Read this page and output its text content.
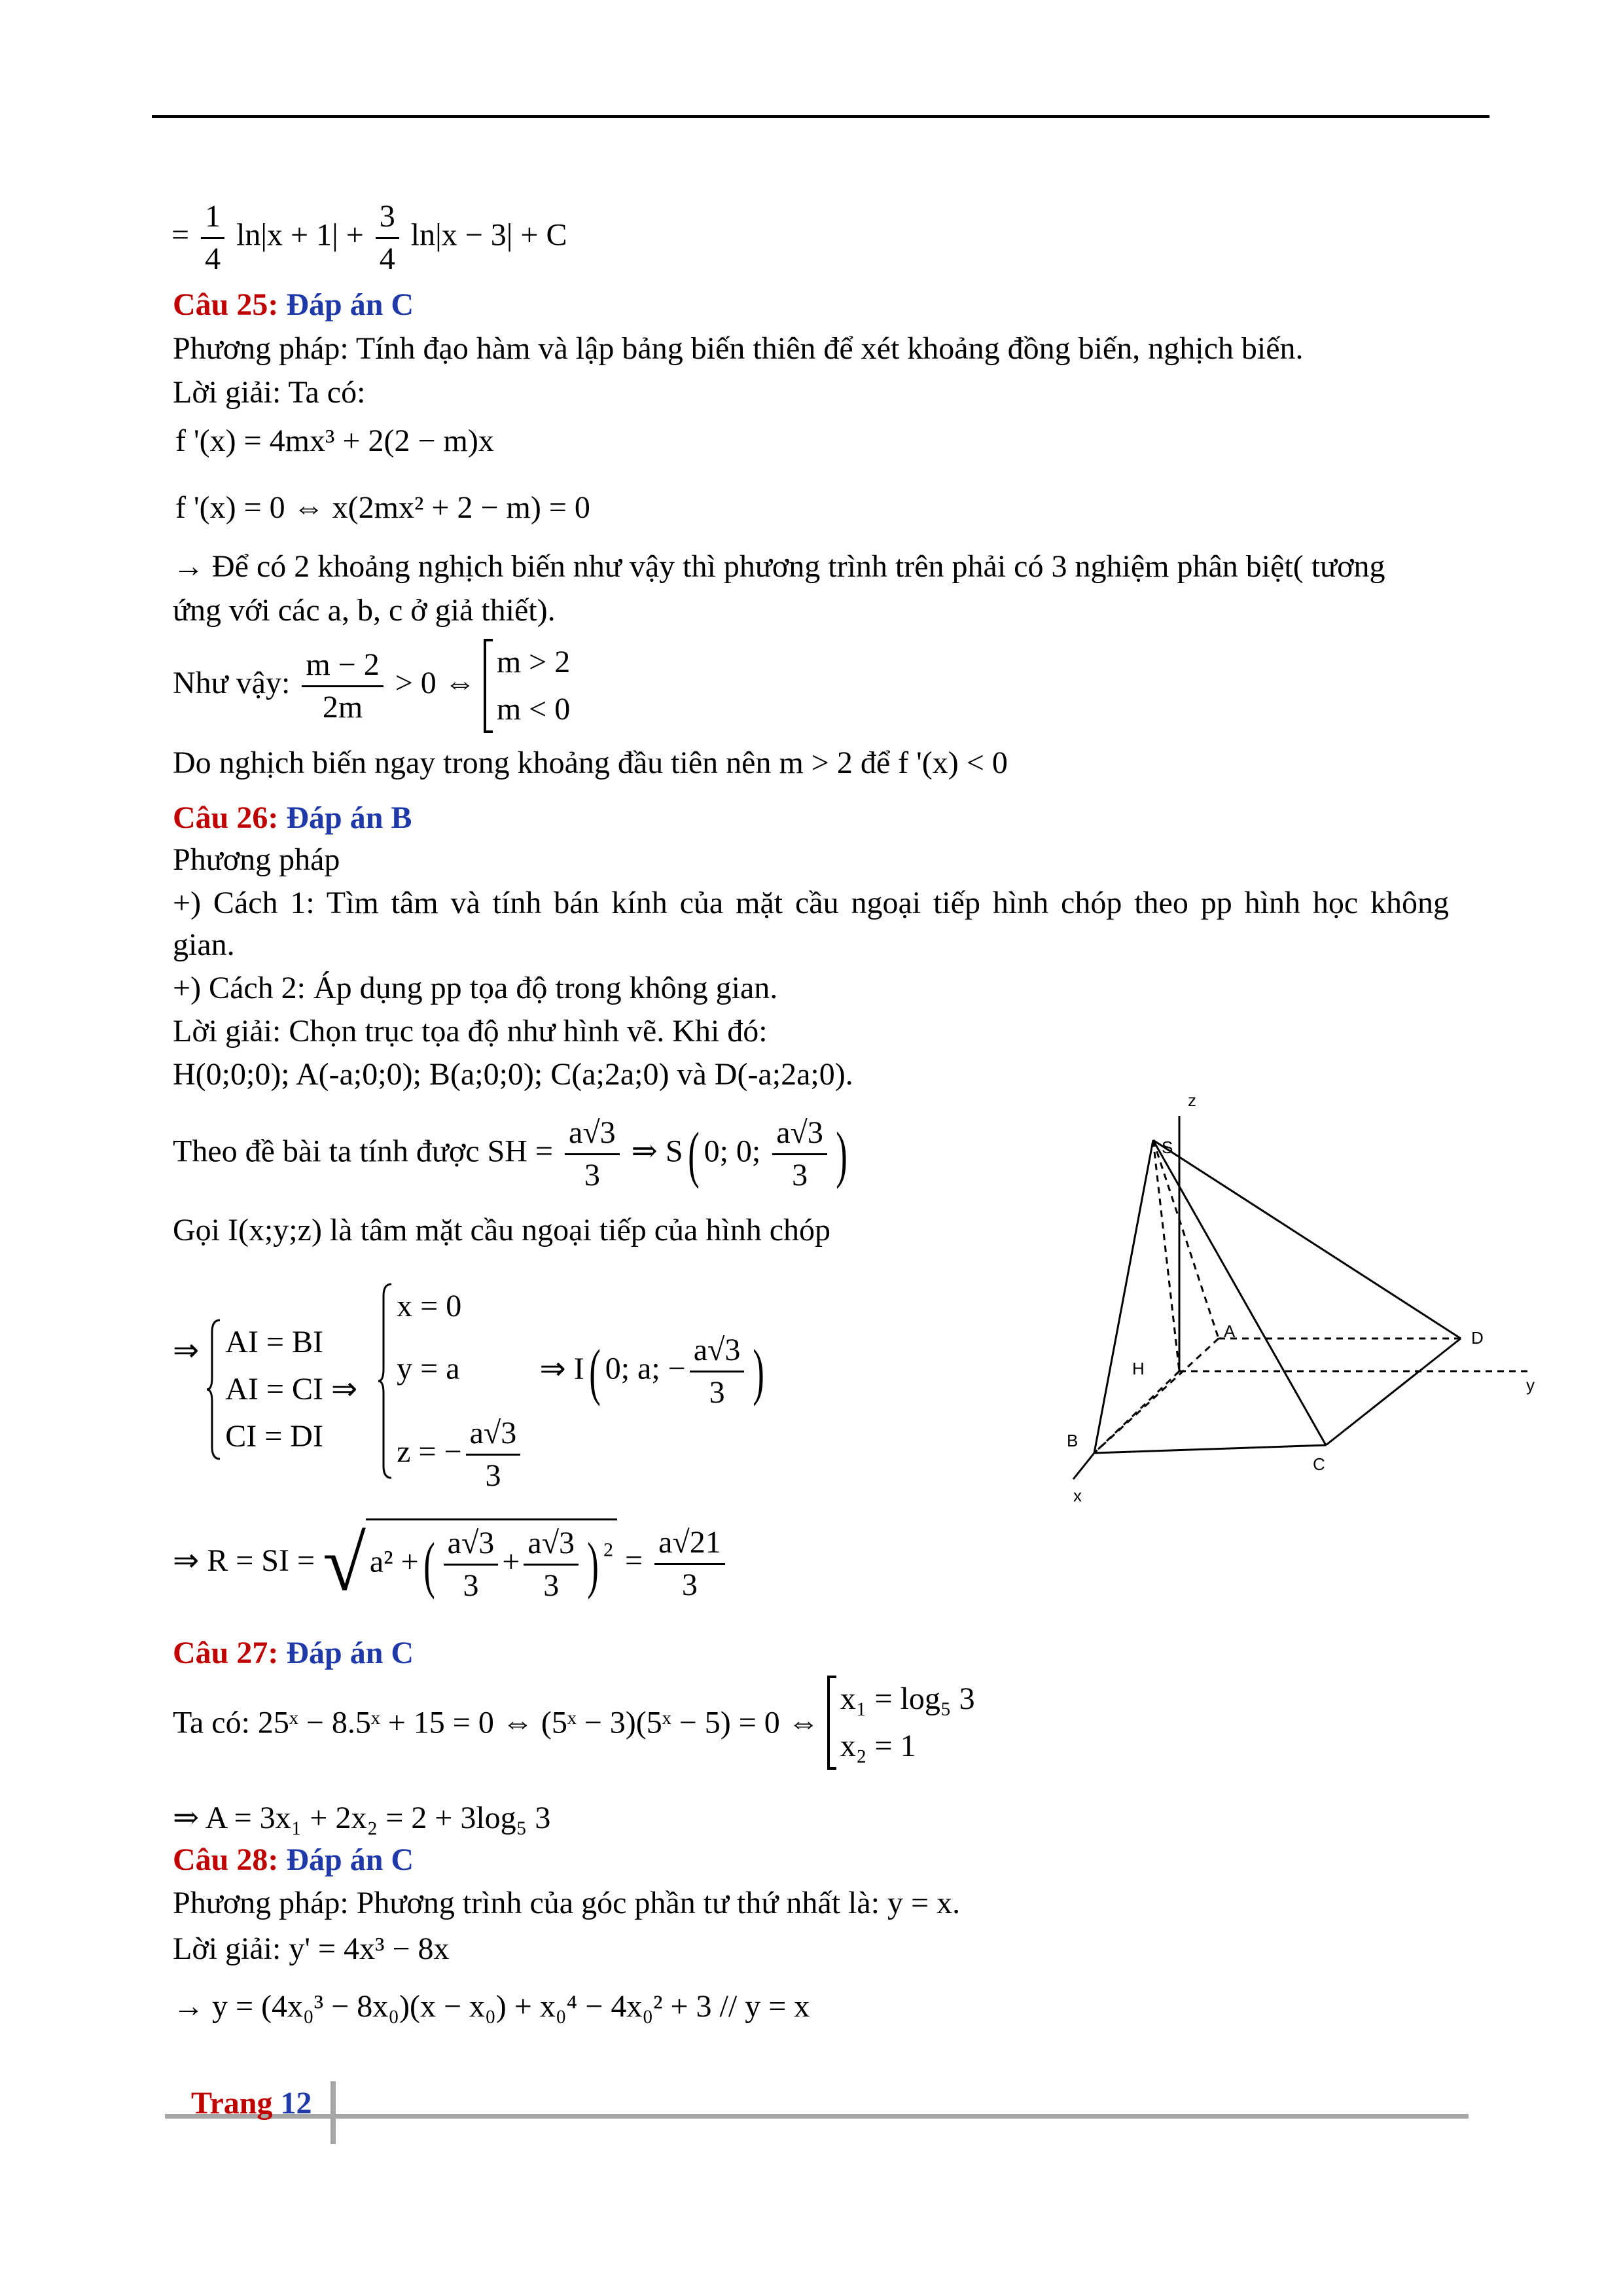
= $\frac{1}{4} \ln|x + 1| + \frac{3}{4} \ln|x - 3| + C$
Câu 25: Đáp án C
Phương pháp: Tính đạo hàm và lập bảng biến thiên để xét khoảng đồng biến, nghịch biến.
Lời giải: Ta có:
f '(x) = 4mx³ + 2(2 − m)x
f '(x) = 0 ⇔ x(2mx² + 2 − m) = 0
→ Để có 2 khoảng nghịch biến như vậy thì phương trình trên phải có 3 nghiệm phân biệt( tương
ứng với các a, b, c ở giả thiết).
Như vậy: $\frac{m - 2}{2m} > 0$ ⇔
m > 2
m < 0
Do nghịch biến ngay trong khoảng đầu tiên nên m > 2 để f '(x) < 0
Câu 26: Đáp án B
Phương pháp
+) Cách 1: Tìm tâm và tính bán kính của mặt cầu ngoại tiếp hình chóp theo pp hình học không
gian.
+) Cách 2: Áp dụng pp tọa độ trong không gian.
Lời giải: Chọn trục tọa độ như hình vẽ. Khi đó:
H(0;0;0); A(-a;0;0); B(a;0;0); C(a;2a;0) và D(-a;2a;0).
Theo đề bài ta tính được SH = $\frac{a√3}{3}$ ⇒ S( 0; 0; $\frac{a√3}{3}$ )
Gọi I(x;y;z) là tâm mặt cầu ngoại tiếp của hình chóp
⇒ AI = BI
AI = CI ⇒
CI = DI

x = 0
y = a	⇒ I( 0; a; − $\frac{a√3}{3}$ )
z = − $\frac{a√3}{3}$
⇒ R = SI = √ a² +( $\frac{a√3}{3} + \frac{a√3}{3}$ ) $^2 = \frac{a√21}{3}$
z
S
A	D
H
y
B
C
x
Câu 27: Đáp án C
Ta có: 25ˣ − 8.5ˣ + 15 = 0 ⇔ (5ˣ − 3)(5ˣ − 5) = 0 ⇔
x₁ = log₅ 3
x₂ = 1
⇒ A = 3x₁ + 2x₂ = 2 + 3log₅ 3
Câu 28: Đáp án C
Phương pháp: Phương trình của góc phần tư thứ nhất là: y = x.
Lời giải: y' = 4x³ − 8x
→ y = (4x₀³ − 8x₀)(x − x₀) + x₀⁴ − 4x₀² + 3 // y = x
Trang 12
